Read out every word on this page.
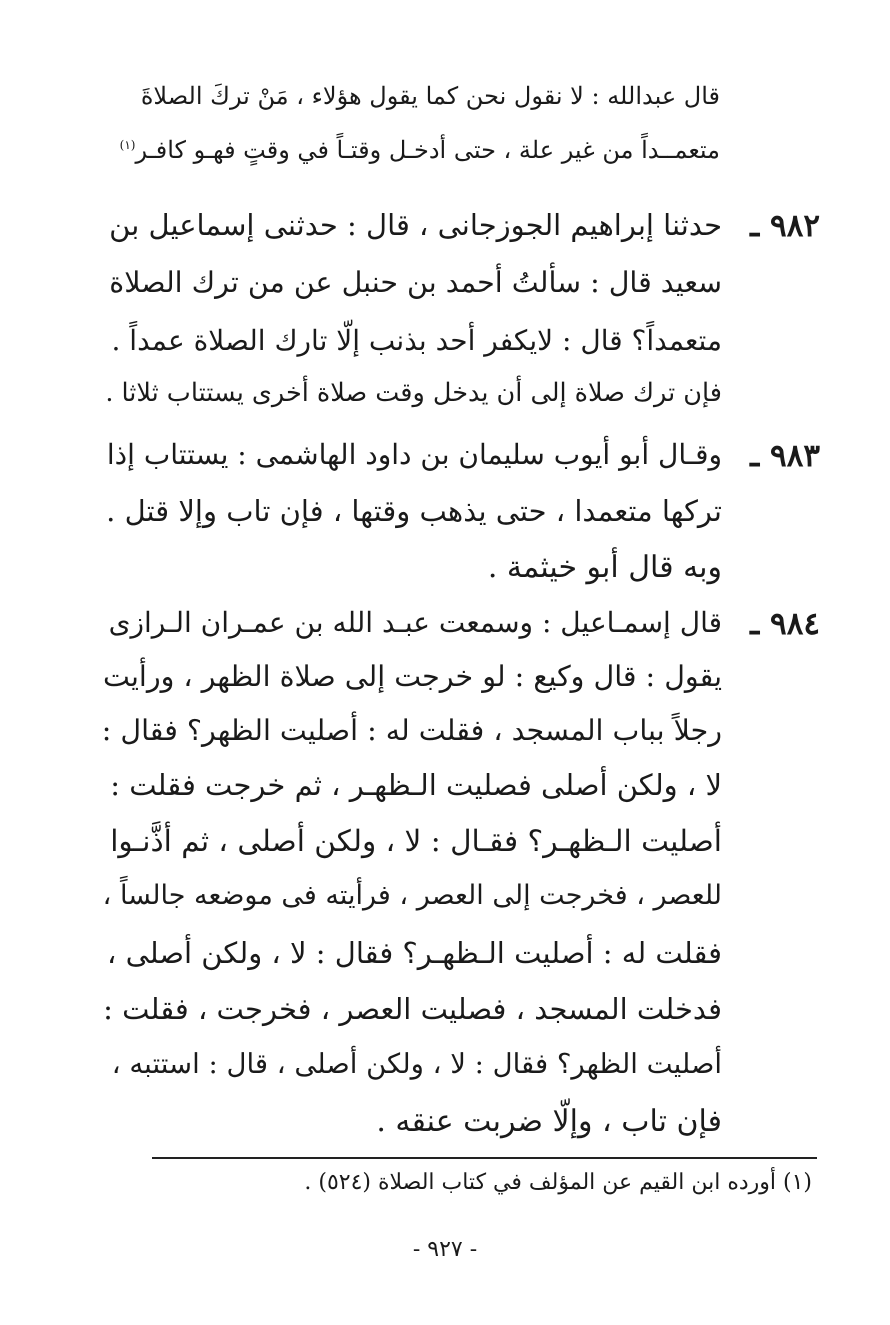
قال عبدالله : لا نقول نحن كما يقول هؤلاء ، مَنْ تركَ الصلاةَ
متعمــداً من غير علة ، حتى أدخـل وقتـاً في وقتٍ فهـو كافـر$^{(١)}$
٩٨٢ ـ
حدثنا إبراهيم الجوزجانى ، قال : حدثنى إسماعيل بن
سعيد قال : سألتُ أحمد بن حنبل عن من ترك الصلاة
متعمداً؟ قال : لايكفر أحد بذنب إلّا تارك الصلاة عمداً .
فإن ترك صلاة إلى أن يدخل وقت صلاة أخرى يستتاب ثلاثا .
٩٨٣ ـ
وقـال أبو أيوب سليمان بن داود الهاشمى : يستتاب إذا
تركها متعمدا ، حتى يذهب وقتها ، فإن تاب وإلا قتل .
وبه قال أبو خيثمة .
٩٨٤ ـ
قال إسمـاعيل : وسمعت عبـد الله بن عمـران الـرازى
يقول : قال وكيع : لو خرجت إلى صلاة الظهر ، ورأيت
رجلاً بباب المسجد ، فقلت له : أصليت الظهر؟ فقال :
لا ، ولكن أصلى فصليت الـظهـر ، ثم خرجت فقلت :
أصليت الـظهـر؟ فقـال : لا ، ولكن أصلى ، ثم أذَّنـوا
للعصر ، فخرجت إلى العصر ، فرأيته فى موضعه جالساً ،
فقلت له : أصليت الـظهـر؟ فقال : لا ، ولكن أصلى ،
فدخلت المسجد ، فصليت العصر ، فخرجت ، فقلت :
أصليت الظهر؟ فقال : لا ، ولكن أصلى ، قال : استتبه ،
فإن تاب ، وإلّا ضربت عنقه .
(١) أورده ابن القيم عن المؤلف في كتاب الصلاة (٥٢٤) .
- ٩٢٧ -
